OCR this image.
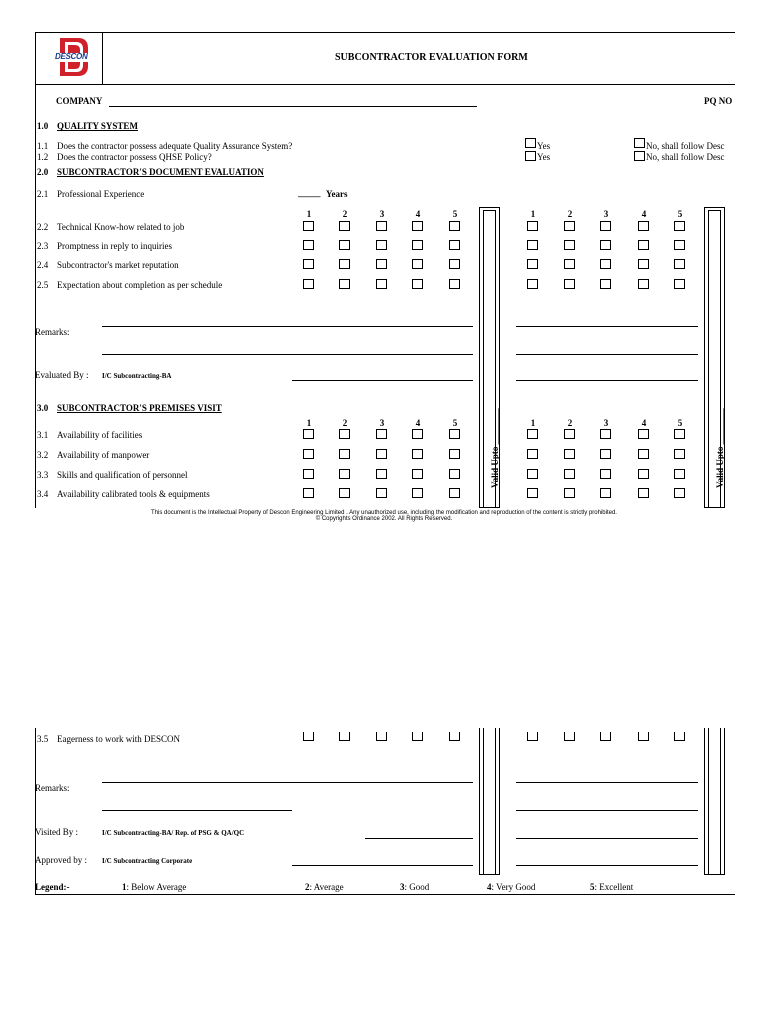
DESCON	SUBCONTRACTOR EVALUATION FORM
COMPANY	PQ NO
1.0 QUALITY SYSTEM
1.1 Does the contractor possess adequate Quality Assurance System?	Yes	No, shall follow Desc
1.2 Does the contractor possess QHSE Policy?	Yes	No, shall follow Desc
2.0 SUBCONTRACTOR'S DOCUMENT EVALUATION
2.1 Professional Experience	_____ Years
1	2	3	4	5	1	2	3	4	5
2.2 Technical Know-how related to job
2.3 Promptness in reply to inquiries
2.4 Subcontractor's market reputation
2.5 Expectation about completion as per schedule
Remarks:
Evaluated By : I/C Subcontracting-BA
3.0 SUBCONTRACTOR'S PREMISES VISIT
1	2	3	4	5	1	2	3	4	5
3.1 Availability of facilities
3.2 Availability of manpower
3.3 Skills and qualification of personnel
3.4 Availability calibrated tools & equipments
Valid Upto ________	Valid Upto ________
This document is the Intellectual Property of Descon Engineering Limited . Any unauthorized use, including the modification and reproduction of the content is strictly prohibited.
© Copyrights Ordinance 2002. All Rights Reserved.
3.5 Eagerness to work with DESCON
Remarks:
Visited By :	I/C Subcontracting-BA/ Rep. of PSG & QA/QC
Approved by : I/C Subcontracting Corporate
Legend:-	1: Below Average	2: Average	3: Good	4: Very Good	5: Excellent
